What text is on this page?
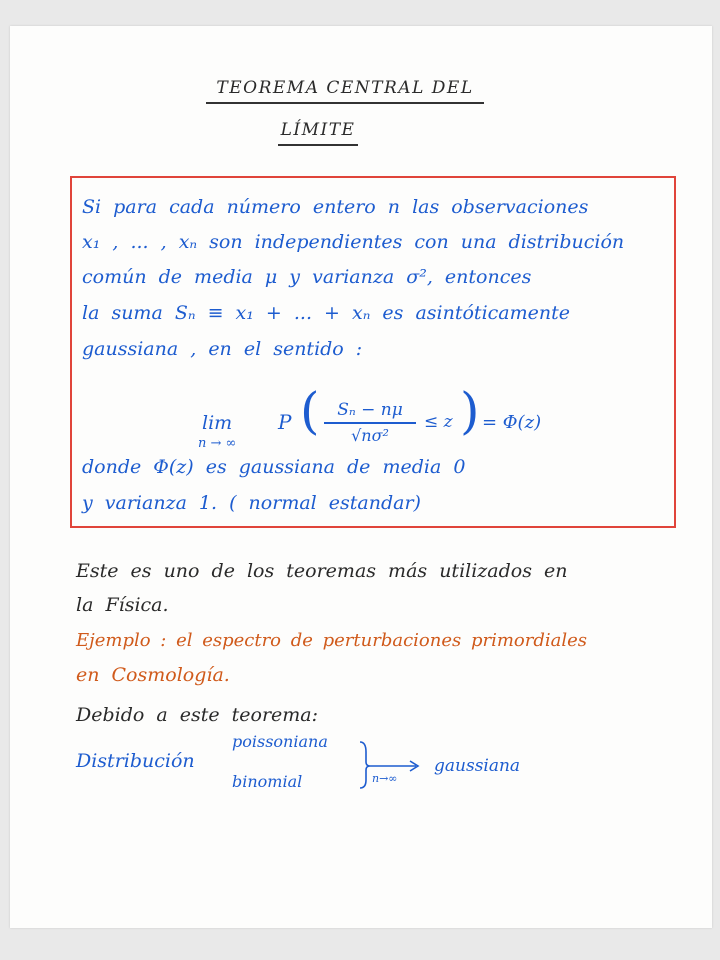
TEOREMA CENTRAL DEL
LÍMITE
Si para cada número entero n las observaciones
x₁ , ... , xₙ son independientes con una distribución
común de media μ y varianza σ², entonces
la suma Sₙ ≡ x₁ + ... + xₙ es asintóticamente
gaussiana , en el sentido :
lim
n → ∞
P (	Sₙ − nμ
√nσ²
≤ z ) = Φ(z)
donde Φ(z) es gaussiana de media 0
y varianza 1. ( normal estandar)
Este es uno de los teoremas más utilizados en
la Física.
Ejemplo : el espectro de perturbaciones primordiales
en Cosmología.
Debido a este teorema:
Distribución
poissoniana
binomial	n→∞
gaussiana
